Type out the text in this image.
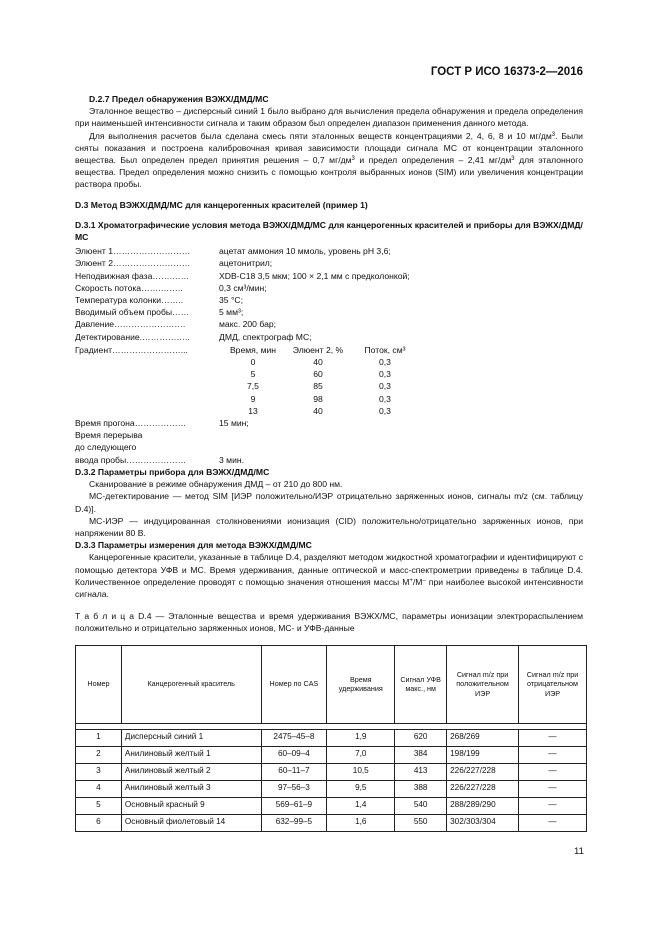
ГОСТ Р ИСО 16373-2—2016

D.2.7 Предел обнаружения ВЭЖХ/ДМД/МС

Эталонное вещество – дисперсный синий 1 было выбрано для вычисления предела обнаружения и предела определения при наименьшей интенсивности сигнала и таким образом был определен диапазон применения данного метода.

Для выполнения расчетов была сделана смесь пяти эталонных веществ концентрациями 2, 4, 6, 8 и 10 $мг/дм^3$. Были сняты показания и построена калибровочная кривая зависимости площади сигнала МС от концентрации эталонного вещества. Был определен предел принятия решения – 0,7 $мг/дм^3$ и предел определения – 2,41 $мг/дм^3$ для эталонного вещества. Предел определения можно снизить с помощью контроля выбранных ионов (SIM) или увеличения концентрации раствора пробы.

D.3 Метод ВЭЖХ/ДМД/МС для канцерогенных красителей (пример 1)

D.3.1 Хроматографические условия метода ВЭЖХ/ДМД/МС для канцерогенных красителей и приборы для ВЭЖХ/ДМД/МС

Элюент 1………………………	ацетат аммония 10 ммоль, уровень pH 3,6;
Элюент 2………………………	ацетонитрил;
Неподвижная фаза…….……	XDB-C18 3,5 мкм; 100 × 2,1 мм с предколонкой;
Скорость потока…….……..	0,3 см³/мин;
Температура колонки……..	35 °С;
Вводимый объем пробы……	5 мм³;
Давление…………………….	макс. 200 бар;
Детектирование.……………..	ДМД, спектрограф МС;
Градиент……………………...	Время, мин	Элюент 2, %	Поток, см³
0	40	0,3
5	60	0,3
7,5	85	0,3
9	98	0,3
13	40	0,3
Время прогона………………	15 мин;
Время перерыва
до следующего
ввода пробы…………………	3 мин.

D.3.2 Параметры прибора для ВЭЖХ/ДМД/МС

Сканирование в режиме обнаружения ДМД – от 210 до 800 нм.

МС-детектирование — метод SIM [ИЭР положительно/ИЭР отрицательно заряженных ионов, сигналы m/z (см. таблицу D.4)].

МС-ИЭР — индуцированная столкновениями ионизация (CID) положительно/отрицательно заряженных ионов, при напряжении 80 В.

D.3.3 Параметры измерения для метода ВЭЖХ/ДМД/МС

Канцерогенные красители, указанные в таблице D.4, разделяют методом жидкостной хроматографии и идентифицируют с помощью детектора УФВ и МС. Время удерживания, данные оптической и масс-спектрометрии приведены в таблице D.4. Количественное определение проводят с помощью значения отношения массы М+/М– при наиболее высокой интенсивности сигнала.

Т а б л и ц а D.4 — Эталонные вещества и время удерживания ВЭЖХ/МС, параметры ионизации электрораспылением положительно и отрицательно заряженных ионов, МС- и УФВ-данные

Номер	Канцерогенный краситель	Номер по CAS	Время удерживания	Сигнал УФВ макс., нм	Сигнал m/z при положительном ИЭР	Сигнал m/z при отрицательном ИЭР

1	Дисперсный синий 1	2475–45–8	1,9	620	268/269	—
2	Анилиновый желтый 1	60–09–4	7,0	384	198/199	—
3	Анилиновый желтый 2	60–11–7	10,5	413	226/227/228	—
4	Анилиновый желтый 3	97–56–3	9,5	388	226/227/228	—
5	Основный красный 9	569–61–9	1,4	540	288/289/290	—
6	Основный фиолетовый 14	632–99–5	1,6	550	302/303/304	—
11
